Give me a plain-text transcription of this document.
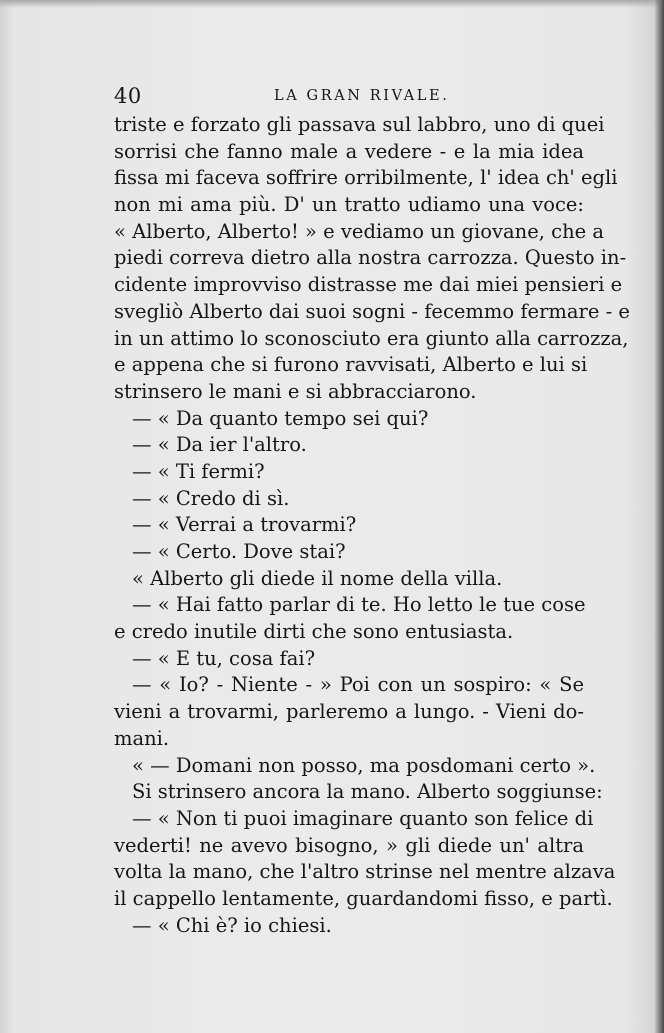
40	LA GRAN RIVALE.
triste e forzato gli passava sul labbro, uno di quei
sorrisi che fanno male a vedere - e la mia idea
fissa mi faceva soffrire orribilmente, l' idea ch' egli
non mi ama più. D' un tratto udiamo una voce:
« Alberto, Alberto! » e vediamo un giovane, che a
piedi correva dietro alla nostra carrozza. Questo in-
cidente improvviso distrasse me dai miei pensieri e
svegliò Alberto dai suoi sogni - fecemmo fermare - e
in un attimo lo sconosciuto era giunto alla carrozza,
e appena che si furono ravvisati, Alberto e lui si
strinsero le mani e si abbracciarono.
— « Da quanto tempo sei qui?
— « Da ier l'altro.
— « Ti fermi?
— « Credo di sì.
— « Verrai a trovarmi?
— « Certo. Dove stai?
« Alberto gli diede il nome della villa.
— « Hai fatto parlar di te. Ho letto le tue cose
e credo inutile dirti che sono entusiasta.
— « E tu, cosa fai?
— « Io? - Niente - » Poi con un sospiro: « Se
vieni a trovarmi, parleremo a lungo. - Vieni do-
mani.
« — Domani non posso, ma posdomani certo ».
Si strinsero ancora la mano. Alberto soggiunse:
— « Non ti puoi imaginare quanto son felice di
vederti! ne avevo bisogno, » gli diede un' altra
volta la mano, che l'altro strinse nel mentre alzava
il cappello lentamente, guardandomi fisso, e partì.
— « Chi è? io chiesi.
